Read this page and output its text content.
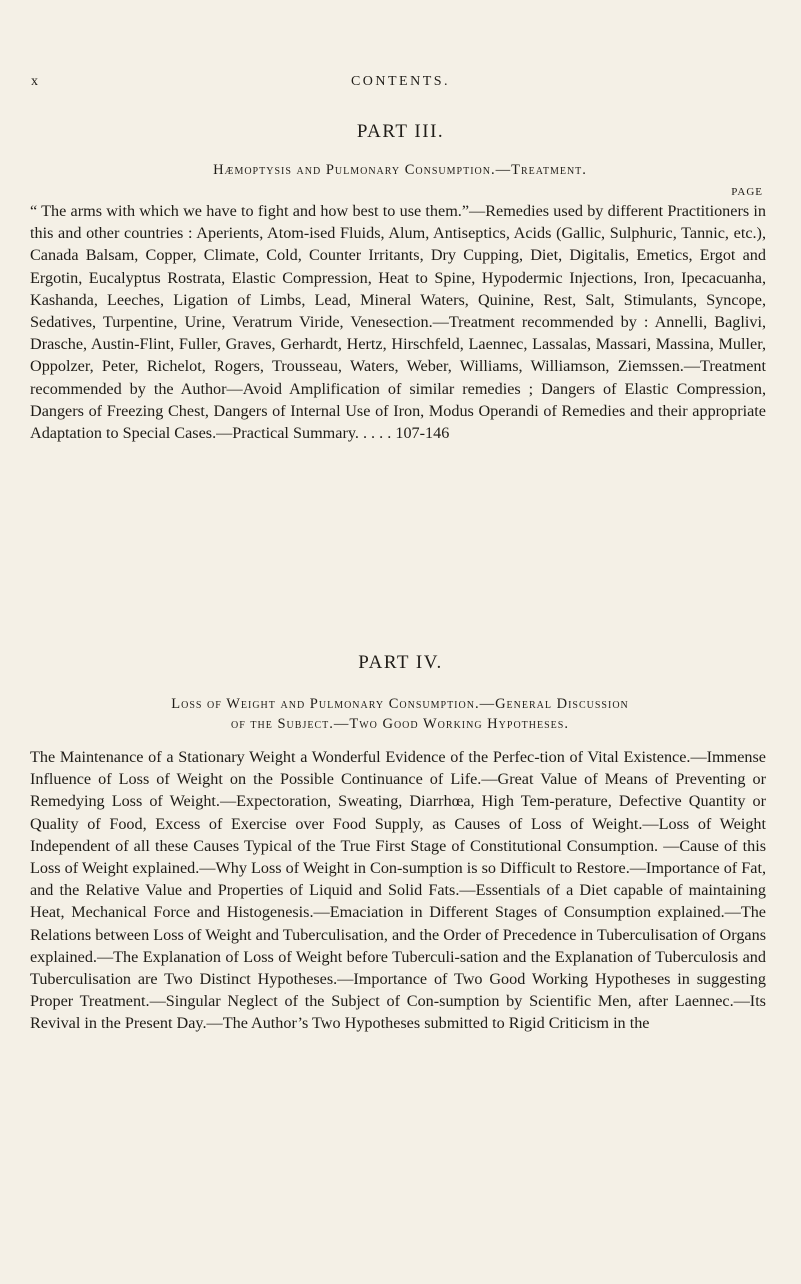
x	CONTENTS.
PART III.
Hæmoptysis and Pulmonary Consumption.—Treatment.
PAGE
“ The arms with which we have to fight and how best to use them.”—Remedies used by different Practitioners in this and other countries : Aperients, Atom-ised Fluids, Alum, Antiseptics, Acids (Gallic, Sulphuric, Tannic, etc.), Canada Balsam, Copper, Climate, Cold, Counter Irritants, Dry Cupping, Diet, Digitalis, Emetics, Ergot and Ergotin, Eucalyptus Rostrata, Elastic Compression, Heat to Spine, Hypodermic Injections, Iron, Ipecacuanha, Kashanda, Leeches, Ligation of Limbs, Lead, Mineral Waters, Quinine, Rest, Salt, Stimulants, Syncope, Sedatives, Turpentine, Urine, Veratrum Viride, Venesection.—Treatment recommended by : Annelli, Baglivi, Drasche, Austin-Flint, Fuller, Graves, Gerhardt, Hertz, Hirschfeld, Laennec, Lassalas, Massari, Massina, Muller, Oppolzer, Peter, Richelot, Rogers, Trousseau, Waters, Weber, Williams, Williamson, Ziemssen.—Treatment recommended by the Author—Avoid Amplification of similar remedies ; Dangers of Elastic Compression, Dangers of Freezing Chest, Dangers of Internal Use of Iron, Modus Operandi of Remedies and their appropriate Adaptation to Special Cases.—Practical Summary. . . . . 107-146
PART IV.
Loss of Weight and Pulmonary Consumption.—General Discussion
of the Subject.—Two Good Working Hypotheses.
The Maintenance of a Stationary Weight a Wonderful Evidence of the Perfec-tion of Vital Existence.—Immense Influence of Loss of Weight on the Possible Continuance of Life.—Great Value of Means of Preventing or Remedying Loss of Weight.—Expectoration, Sweating, Diarrhœa, High Tem-perature, Defective Quantity or Quality of Food, Excess of Exercise over Food Supply, as Causes of Loss of Weight.—Loss of Weight Independent of all these Causes Typical of the True First Stage of Constitutional Consumption. —Cause of this Loss of Weight explained.—Why Loss of Weight in Con-sumption is so Difficult to Restore.—Importance of Fat, and the Relative Value and Properties of Liquid and Solid Fats.—Essentials of a Diet capable of maintaining Heat, Mechanical Force and Histogenesis.—Emaciation in Different Stages of Consumption explained.—The Relations between Loss of Weight and Tuberculisation, and the Order of Precedence in Tuberculisation of Organs explained.—The Explanation of Loss of Weight before Tuberculi-sation and the Explanation of Tuberculosis and Tuberculisation are Two Distinct Hypotheses.—Importance of Two Good Working Hypotheses in suggesting Proper Treatment.—Singular Neglect of the Subject of Con-sumption by Scientific Men, after Laennec.—Its Revival in the Present Day.—The Author’s Two Hypotheses submitted to Rigid Criticism in the
